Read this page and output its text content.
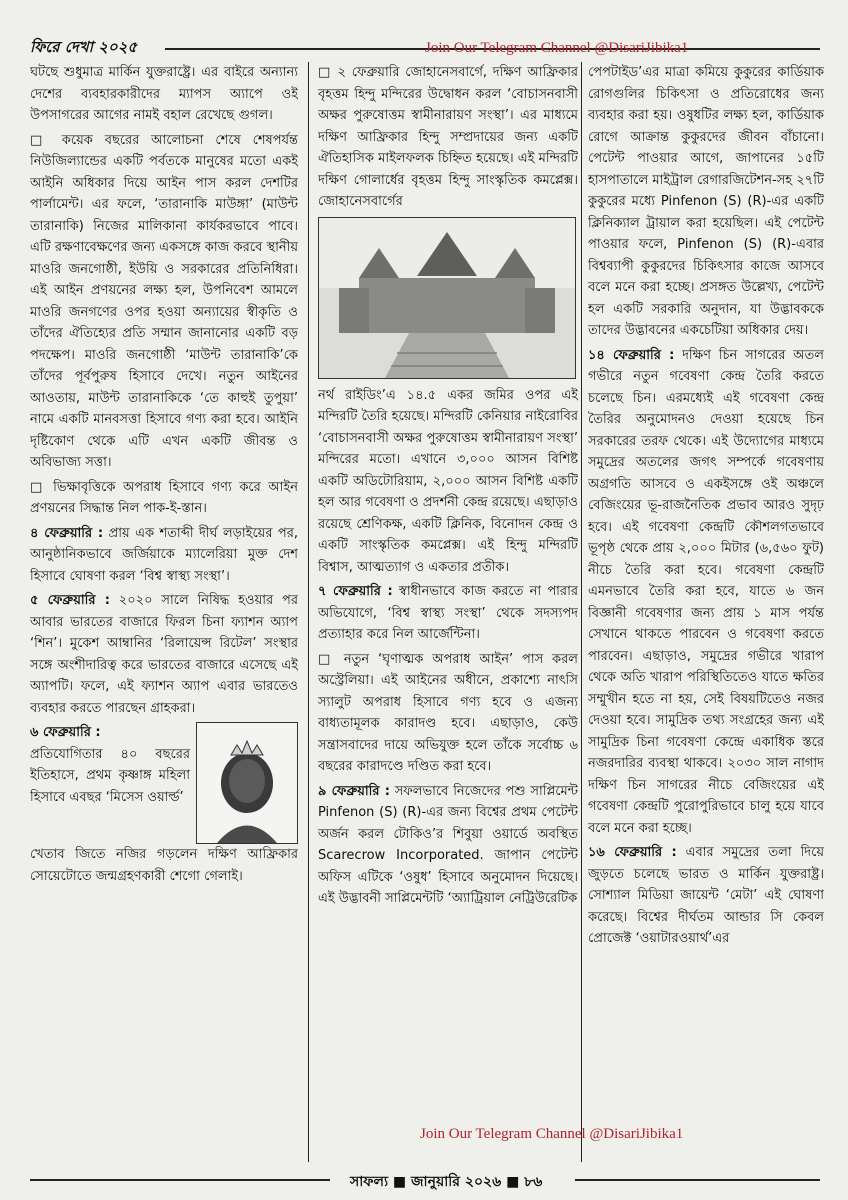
ফিরে দেখা ২০২৫	Join Our Telegram Channel @DisariJibika1

ঘটছে শুধুমাত্র মার্কিন যুক্তরাষ্ট্রে। এর বাইরে অন্যান্য দেশের ব্যবহারকারীদের ম্যাপস অ্যাপে ওই উপসাগরের আগের নামই বহাল রেখেছে গুগল।

□ কয়েক বছরের আলোচনা শেষে শেষপর্যন্ত নিউজিল্যান্ডের একটি পর্বতকে মানুষের মতো একই আইনি অধিকার দিয়ে আইন পাস করল দেশটির পার্লামেন্ট। এর ফলে, ‘তারানাকি মাউঙ্গা’ (মাউন্ট তারানাকি) নিজের মালিকানা কার্যকরভাবে পাবে। এটি রক্ষণাবেক্ষণের জন্য একসঙ্গে কাজ করবে স্থানীয় মাওরি জনগোষ্ঠী, ইউয়ি ও সরকারের প্রতিনিধিরা। এই আইন প্রণয়নের লক্ষ্য হল, উপনিবেশ আমলে মাওরি জনগণের ওপর হওয়া অন্যায়ের স্বীকৃতি ও তাঁদের ঐতিহ্যের প্রতি সম্মান জানানোর একটি বড় পদক্ষেপ। মাওরি জনগোষ্ঠী ‘মাউন্ট তারানাকি’কে তাঁদের পূর্বপুরুষ হিসাবে দেখে। নতুন আইনের আওতায়, মাউন্ট তারানাকিকে ‘তে কাহুই তুপুয়া’ নামে একটি মানবসত্তা হিসাবে গণ্য করা হবে। আইনি দৃষ্টিকোণ থেকে এটি এখন একটি জীবন্ত ও অবিভাজ্য সত্তা।

□ ভিক্ষাবৃত্তিকে অপরাধ হিসাবে গণ্য করে আইন প্রণয়নের সিদ্ধান্ত নিল পাক-ই-স্তান।

৪ ফেব্রুয়ারি : প্রায় এক শতাব্দী দীর্ঘ লড়াইয়ের পর, আনুষ্ঠানিকভাবে জর্জিয়াকে ম্যালেরিয়া মুক্ত দেশ হিসাবে ঘোষণা করল ‘বিশ্ব স্বাস্থ্য সংস্থা’।

৫ ফেব্রুয়ারি : ২০২০ সালে নিষিদ্ধ হওয়ার পর আবার ভারতের বাজারে ফিরল চিনা ফ্যাশন অ্যাপ ‘শিন’। মুকেশ আম্বানির ‘রিলায়েন্স রিটেল’ সংস্থার সঙ্গে অংশীদারিত্ব করে ভারতের বাজারে এসেছে এই অ্যাপটি। ফলে, এই ফ্যাশন অ্যাপ এবার ভারতেও ব্যবহার করতে পারছেন গ্রাহকরা।

৬ ফেব্রুয়ারি :
প্রতিযোগিতার ৪০ বছরের ইতিহাসে, প্রথম কৃষ্ণাঙ্গ মহিলা হিসাবে এবছর ‘মিসেস ওয়ার্ল্ড’

খেতাব জিতে নজির গড়লেন দক্ষিণ আফ্রিকার সোয়েটোতে জন্মগ্রহণকারী শেগো গেলাই।

□ ২ ফেব্রুয়ারি জোহানেসবার্গে, দক্ষিণ আফ্রিকার বৃহত্তম হিন্দু মন্দিরের উদ্বোধন করল ‘বোচাসনবাসী অক্ষর পুরুষোত্তম স্বামীনারায়ণ সংস্থা’। এর মাধ্যমে দক্ষিণ আফ্রিকার হিন্দু সম্প্রদায়ের জন্য একটি ঐতিহাসিক মাইলফলক চিহ্নিত হয়েছে। এই মন্দিরটি দক্ষিণ গোলার্ধের বৃহত্তম হিন্দু সাংস্কৃতিক কমপ্লেক্স। জোহানেসবার্গের

নর্থ রাইডিং’এ ১৪.৫ একর জমির ওপর এই মন্দিরটি তৈরি হয়েছে। মন্দিরটি কেনিয়ার নাইরোবির ‘বোচাসনবাসী অক্ষর পুরুষোত্তম স্বামীনারায়ণ সংস্থা’ মন্দিরের মতো। এখানে ৩,০০০ আসন বিশিষ্ট একটি অডিটোরিয়াম, ২,০০০ আসন বিশিষ্ট একটি হল আর গবেষণা ও প্রদর্শনী কেন্দ্র রয়েছে। এছাড়াও রয়েছে শ্রেণিকক্ষ, একটি ক্লিনিক, বিনোদন কেন্দ্র ও একটি সাংস্কৃতিক কমপ্লেক্স। এই হিন্দু মন্দিরটি বিশ্বাস, আত্মত্যাগ ও একতার প্রতীক।

৭ ফেব্রুয়ারি : স্বাধীনভাবে কাজ করতে না পারার অভিযোগে, ‘বিশ্ব স্বাস্থ্য সংস্থা’ থেকে সদস্যপদ প্রত্যাহার করে নিল আর্জেন্টিনা।

□ নতুন ‘ঘৃণাত্মক অপরাধ আইন’ পাস করল অস্ট্রেলিয়া। এই আইনের অধীনে, প্রকাশ্যে নাৎসি স্যালুট অপরাধ হিসাবে গণ্য হবে ও এজন্য বাধ্যতামূলক কারাদণ্ড হবে। এছাড়াও, কেউ সন্ত্রাসবাদের দায়ে অভিযুক্ত হলে তাঁকে সর্বোচ্চ ৬ বছরের কারাদণ্ডে দণ্ডিত করা হবে।

৯ ফেব্রুয়ারি : সফলভাবে নিজেদের পশু সাপ্লিমেন্ট Pinfenon (S) (R)-এর জন্য বিশ্বের প্রথম পেটেন্ট অর্জন করল টোকিও’র শিবুয়া ওয়ার্ডে অবস্থিত Scarecrow Incorporated. জাপান পেটেন্ট অফিস এটিকে ‘ওষুধ’ হিসাবে অনুমোদন দিয়েছে। এই উদ্ভাবনী সাপ্লিমেন্টটি ‘অ্যাট্রিয়াল নেট্রিউরেটিক

পেপটাইড’এর মাত্রা কমিয়ে কুকুরের কার্ডিয়াক রোগগুলির চিকিৎসা ও প্রতিরোধের জন্য ব্যবহার করা হয়। ওষুধটির লক্ষ্য হল, কার্ডিয়াক রোগে আক্রান্ত কুকুরদের জীবন বাঁচানো। পেটেন্ট পাওয়ার আগে, জাপানের ১৫টি হাসপাতালে মাইট্রাল রেগারজিটেশন-সহ ২৭টি কুকুরের মধ্যে Pinfenon (S) (R)-এর একটি ক্লিনিক্যাল ট্রায়াল করা হয়েছিল। এই পেটেন্ট পাওয়ার ফলে, Pinfenon (S) (R)-এবার বিশ্বব্যাপী কুকুরদের চিকিৎসার কাজে আসবে বলে মনে করা হচ্ছে। প্রসঙ্গত উল্লেখ্য, পেটেন্ট হল একটি সরকারি অনুদান, যা উদ্ভাবককে তাদের উদ্ভাবনের একচেটিয়া অধিকার দেয়।

১৪ ফেব্রুয়ারি : দক্ষিণ চিন সাগরের অতল গভীরে নতুন গবেষণা কেন্দ্র তৈরি করতে চলেছে চিন। এরমধ্যেই এই গবেষণা কেন্দ্র তৈরির অনুমোদনও দেওয়া হয়েছে চিন সরকারের তরফ থেকে। এই উদ্যোগের মাধ্যমে সমুদ্রের অতলের জগৎ সম্পর্কে গবেষণায় অগ্রগতি আসবে ও একইসঙ্গে ওই অঞ্চলে বেজিংয়ের ভূ-রাজনৈতিক প্রভাব আরও সুদৃঢ় হবে। এই গবেষণা কেন্দ্রটি কৌশলগতভাবে ভূপৃষ্ঠ থেকে প্রায় ২,০০০ মিটার (৬,৫৬০ ফুট) নীচে তৈরি করা হবে। গবেষণা কেন্দ্রটি এমনভাবে তৈরি করা হবে, যাতে ৬ জন বিজ্ঞানী গবেষণার জন্য প্রায় ১ মাস পর্যন্ত সেখানে থাকতে পারবেন ও গবেষণা করতে পারবেন। এছাড়াও, সমুদ্রের গভীরে খারাপ থেকে অতি খারাপ পরিস্থিতিতেও যাতে ক্ষতির সম্মুখীন হতে না হয়, সেই বিষয়টিতেও নজর দেওয়া হবে। সামুদ্রিক তথ্য সংগ্রহের জন্য এই সামুদ্রিক চিনা গবেষণা কেন্দ্রে একাধিক স্তরে নজরদারির ব্যবস্থা থাকবে। ২০৩০ সাল নাগাদ দক্ষিণ চিন সাগরের নীচে বেজিংয়ের এই গবেষণা কেন্দ্রটি পুরোপুরিভাবে চালু হয়ে যাবে বলে মনে করা হচ্ছে।

১৬ ফেব্রুয়ারি : এবার সমুদ্রের তলা দিয়ে জুড়তে চলেছে ভারত ও মার্কিন যুক্তরাষ্ট্র। সোশ্যাল মিডিয়া জায়েন্ট ‘মেটা’ এই ঘোষণা করেছে। বিশ্বের দীর্ঘতম আন্ডার সি কেবল প্রোজেক্ট ‘ওয়াটারওয়ার্থ’এর

Join Our Telegram Channel @DisariJibika1
সাফল্য ■ জানুয়ারি ২০২৬ ■ ৮৬
